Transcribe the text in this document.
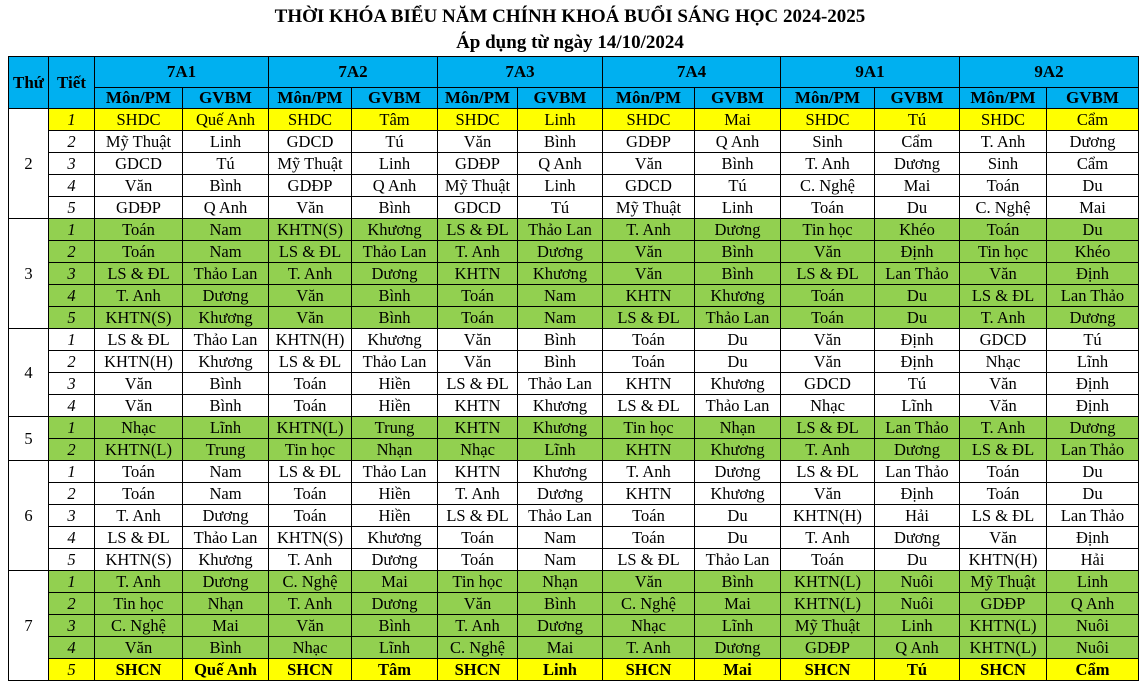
THỜI KHÓA BIỂU NĂM CHÍNH KHOÁ BUỔI SÁNG HỌC 2024-2025
Áp dụng từ ngày 14/10/2024
Thứ	Tiết	7A1		7A2		7A3		7A4		9A1		9A2	
		Môn/PM	GVBM	Môn/PM	GVBM	Môn/PM	GVBM	Môn/PM	GVBM	Môn/PM	GVBM	Môn/PM	GVBM
2	1	SHDC	Quế Anh	SHDC	Tâm	SHDC	Linh	SHDC	Mai	SHDC	Tú	SHDC	Cẩm
	2	Mỹ Thuật	Linh	GDCD	Tú	Văn	Bình	GDĐP	Q Anh	Sinh	Cẩm	T. Anh	Dương
	3	GDCD	Tú	Mỹ Thuật	Linh	GDĐP	Q Anh	Văn	Bình	T. Anh	Dương	Sinh	Cẩm
	4	Văn	Bình	GDĐP	Q Anh	Mỹ Thuật	Linh	GDCD	Tú	C. Nghệ	Mai	Toán	Du
	5	GDĐP	Q Anh	Văn	Bình	GDCD	Tú	Mỹ Thuật	Linh	Toán	Du	C. Nghệ	Mai
3	1	Toán	Nam	KHTN(S)	Khương	LS & ĐL	Thảo Lan	T. Anh	Dương	Tin học	Khéo	Toán	Du
	2	Toán	Nam	LS & ĐL	Thảo Lan	T. Anh	Dương	Văn	Bình	Văn	Định	Tin học	Khéo
	3	LS & ĐL	Thảo Lan	T. Anh	Dương	KHTN	Khương	Văn	Bình	LS & ĐL	Lan Thảo	Văn	Định
	4	T. Anh	Dương	Văn	Bình	Toán	Nam	KHTN	Khương	Toán	Du	LS & ĐL	Lan Thảo
	5	KHTN(S)	Khương	Văn	Bình	Toán	Nam	LS & ĐL	Thảo Lan	Toán	Du	T. Anh	Dương
4	1	LS & ĐL	Thảo Lan	KHTN(H)	Khương	Văn	Bình	Toán	Du	Văn	Định	GDCD	Tú
	2	KHTN(H)	Khương	LS & ĐL	Thảo Lan	Văn	Bình	Toán	Du	Văn	Định	Nhạc	Lĩnh
	3	Văn	Bình	Toán	Hiền	LS & ĐL	Thảo Lan	KHTN	Khương	GDCD	Tú	Văn	Định
	4	Văn	Bình	Toán	Hiền	KHTN	Khương	LS & ĐL	Thảo Lan	Nhạc	Lĩnh	Văn	Định
5	1	Nhạc	Lĩnh	KHTN(L)	Trung	KHTN	Khương	Tin học	Nhạn	LS & ĐL	Lan Thảo	T. Anh	Dương
	2	KHTN(L)	Trung	Tin học	Nhạn	Nhạc	Lĩnh	KHTN	Khương	T. Anh	Dương	LS & ĐL	Lan Thảo
6	1	Toán	Nam	LS & ĐL	Thảo Lan	KHTN	Khương	T. Anh	Dương	LS & ĐL	Lan Thảo	Toán	Du
	2	Toán	Nam	Toán	Hiền	T. Anh	Dương	KHTN	Khương	Văn	Định	Toán	Du
	3	T. Anh	Dương	Toán	Hiền	LS & ĐL	Thảo Lan	Toán	Du	KHTN(H)	Hải	LS & ĐL	Lan Thảo
	4	LS & ĐL	Thảo Lan	KHTN(S)	Khương	Toán	Nam	Toán	Du	T. Anh	Dương	Văn	Định
	5	KHTN(S)	Khương	T. Anh	Dương	Toán	Nam	LS & ĐL	Thảo Lan	Toán	Du	KHTN(H)	Hải
7	1	T. Anh	Dương	C. Nghệ	Mai	Tin học	Nhạn	Văn	Bình	KHTN(L)	Nuôi	Mỹ Thuật	Linh
	2	Tin học	Nhạn	T. Anh	Dương	Văn	Bình	C. Nghệ	Mai	KHTN(L)	Nuôi	GDĐP	Q Anh
	3	C. Nghệ	Mai	Văn	Bình	T. Anh	Dương	Nhạc	Lĩnh	Mỹ Thuật	Linh	KHTN(L)	Nuôi
	4	Văn	Bình	Nhạc	Lĩnh	C. Nghệ	Mai	T. Anh	Dương	GDĐP	Q Anh	KHTN(L)	Nuôi
	5	SHCN	Quế Anh	SHCN	Tâm	SHCN	Linh	SHCN	Mai	SHCN	Tú	SHCN	Cẩm
